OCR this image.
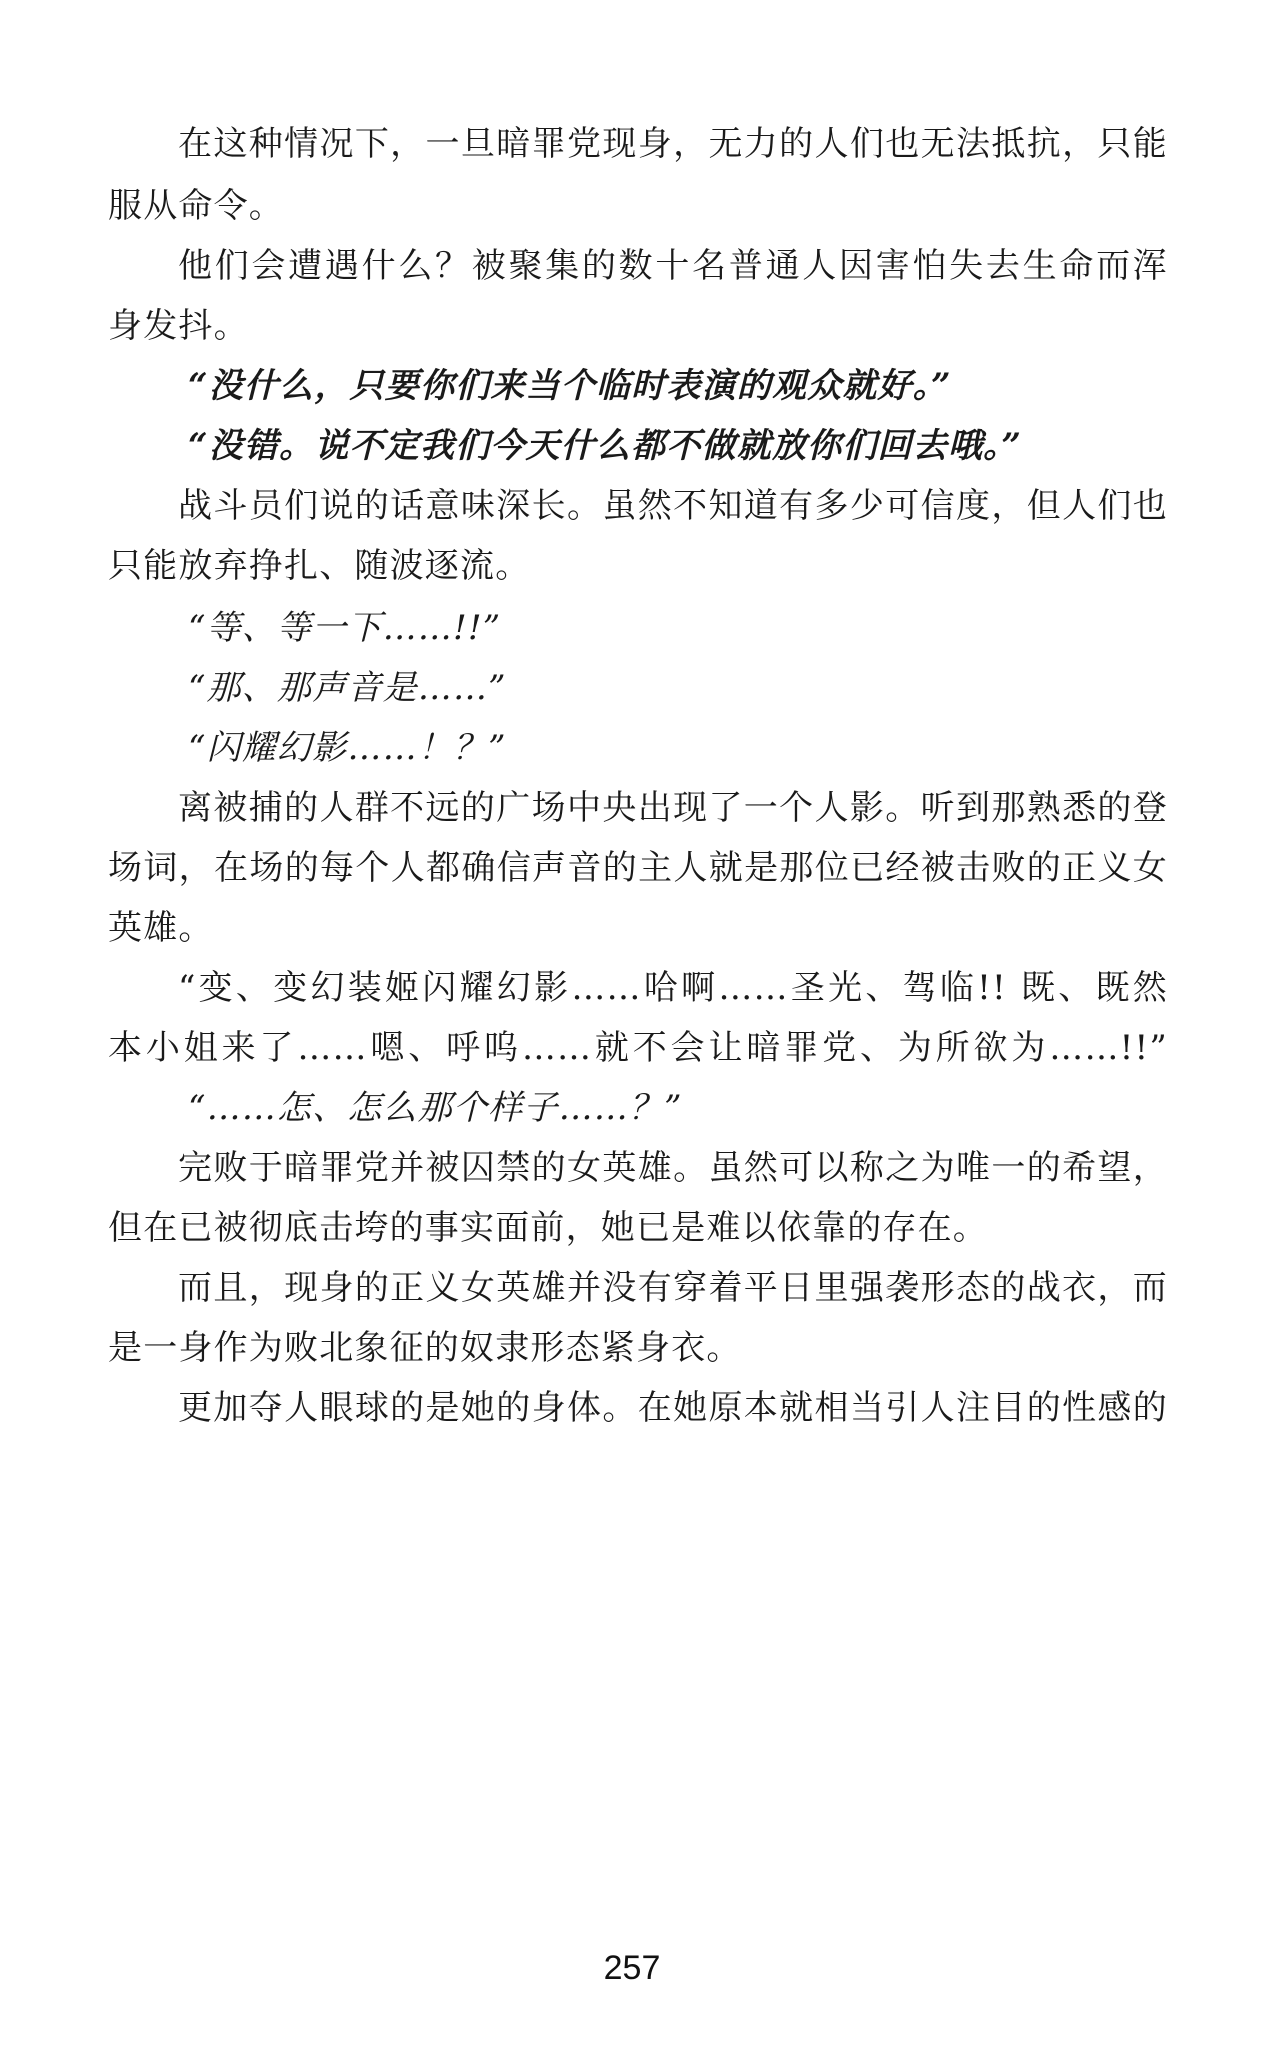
在这种情况下，一旦暗罪党现身，无力的人们也无法抵抗，只能
服从命令。
他们会遭遇什么？被聚集的数十名普通人因害怕失去生命而浑
身发抖。
“没什么，只要你们来当个临时表演的观众就好。”
“没错。说不定我们今天什么都不做就放你们回去哦。”
战斗员们说的话意味深长。虽然不知道有多少可信度，但人们也
只能放弃挣扎、随波逐流。
“等、等一下……!!”
“那、那声音是……”
“闪耀幻影……！？”
离被捕的人群不远的广场中央出现了一个人影。听到那熟悉的登
场词，在场的每个人都确信声音的主人就是那位已经被击败的正义女
英雄。
“变、变幻装姬闪耀幻影……哈啊……圣光、驾临!! 既、既然
本小姐来了……嗯、呼呜……就不会让暗罪党、为所欲为……!!”
“……怎、怎么那个样子……？”
完败于暗罪党并被囚禁的女英雄。虽然可以称之为唯一的希望，
但在已被彻底击垮的事实面前，她已是难以依靠的存在。
而且，现身的正义女英雄并没有穿着平日里强袭形态的战衣，而
是一身作为败北象征的奴隶形态紧身衣。
更加夺人眼球的是她的身体。在她原本就相当引人注目的性感的
257
